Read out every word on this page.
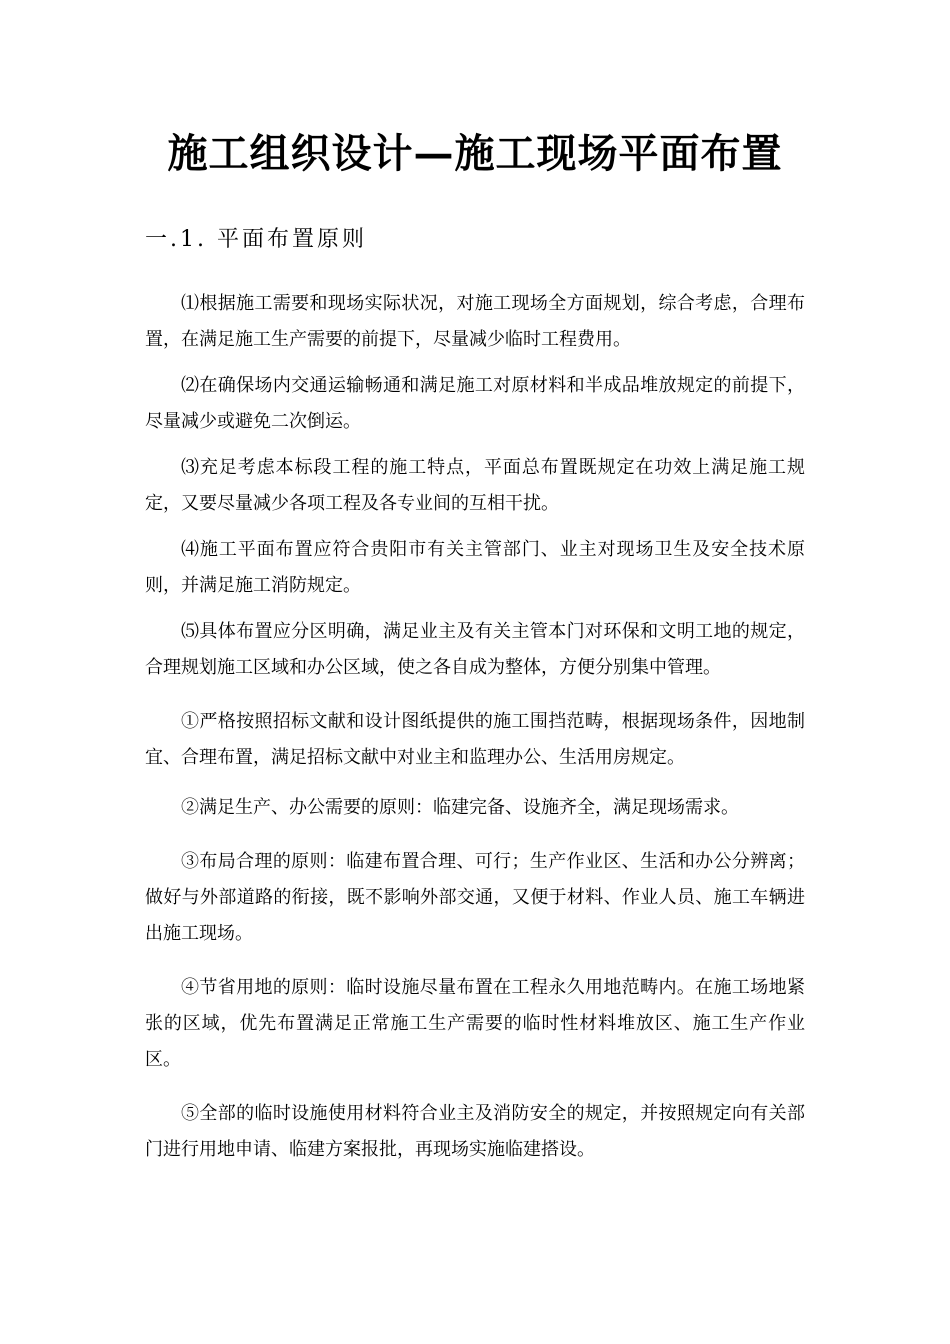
施工组织设计—施工现场平面布置
一.1. 平面布置原则

⑴根据施工需要和现场实际状况，对施工现场全方面规划，综合考虑，合理布置，在满足施工生产需要的前提下，尽量减少临时工程费用。

⑵在确保场内交通运输畅通和满足施工对原材料和半成品堆放规定的前提下，尽量减少或避免二次倒运。

⑶充足考虑本标段工程的施工特点，平面总布置既规定在功效上满足施工规定，又要尽量减少各项工程及各专业间的互相干扰。

⑷施工平面布置应符合贵阳市有关主管部门、业主对现场卫生及安全技术原则，并满足施工消防规定。

⑸具体布置应分区明确，满足业主及有关主管本门对环保和文明工地的规定，合理规划施工区域和办公区域，使之各自成为整体，方便分别集中管理。

①严格按照招标文献和设计图纸提供的施工围挡范畴，根据现场条件，因地制宜、合理布置，满足招标文献中对业主和监理办公、生活用房规定。

②满足生产、办公需要的原则：临建完备、设施齐全，满足现场需求。

③布局合理的原则：临建布置合理、可行；生产作业区、生活和办公分辨离；做好与外部道路的衔接，既不影响外部交通，又便于材料、作业人员、施工车辆进出施工现场。

④节省用地的原则：临时设施尽量布置在工程永久用地范畴内。在施工场地紧张的区域，优先布置满足正常施工生产需要的临时性材料堆放区、施工生产作业区。

⑤全部的临时设施使用材料符合业主及消防安全的规定，并按照规定向有关部门进行用地申请、临建方案报批，再现场实施临建搭设。
